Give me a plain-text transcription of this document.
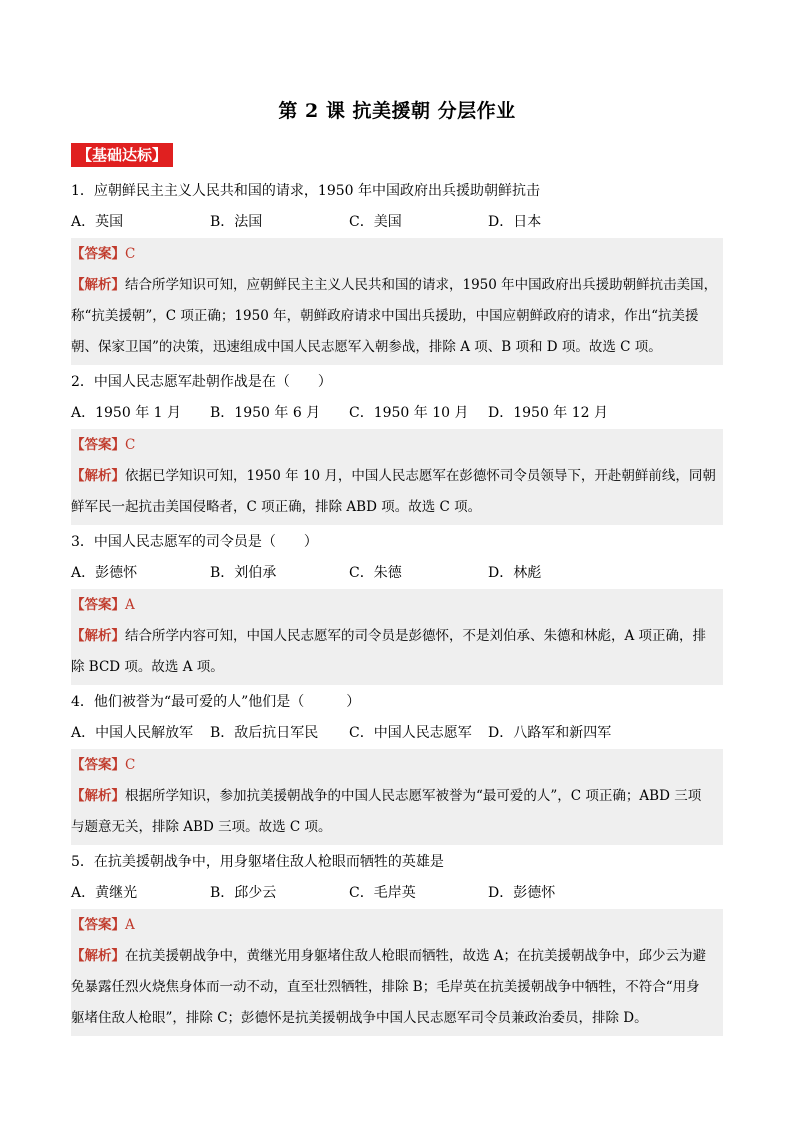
第 2 课 抗美援朝 分层作业
【基础达标】
1．应朝鲜民主主义人民共和国的请求，1950 年中国政府出兵援助朝鲜抗击
A．英国	B．法国	C．美国	D．日本
【答案】C
【解析】结合所学知识可知，应朝鲜民主主义人民共和国的请求，1950 年中国政府出兵援助朝鲜抗击美国，
称“抗美援朝”，C 项正确；1950 年，朝鲜政府请求中国出兵援助，中国应朝鲜政府的请求，作出“抗美援
朝、保家卫国”的决策，迅速组成中国人民志愿军入朝参战，排除 A 项、B 项和 D 项。故选 C 项。
2．中国人民志愿军赴朝作战是在（　　）
A．1950 年 1 月	B．1950 年 6 月	C．1950 年 10 月	D．1950 年 12 月
【答案】C
【解析】依据已学知识可知，1950 年 10 月，中国人民志愿军在彭德怀司令员领导下，开赴朝鲜前线，同朝
鲜军民一起抗击美国侵略者，C 项正确，排除 ABD 项。故选 C 项。
3．中国人民志愿军的司令员是（　　）
A．彭德怀	B．刘伯承	C．朱德	D．林彪
【答案】A
【解析】结合所学内容可知，中国人民志愿军的司令员是彭德怀，不是刘伯承、朱德和林彪，A 项正确，排
除 BCD 项。故选 A 项。
4．他们被誉为“最可爱的人”他们是（　　　）
A．中国人民解放军	B．敌后抗日军民	C．中国人民志愿军	D．八路军和新四军
【答案】C
【解析】根据所学知识，参加抗美援朝战争的中国人民志愿军被誉为“最可爱的人”，C 项正确；ABD 三项
与题意无关，排除 ABD 三项。故选 C 项。
5．在抗美援朝战争中，用身躯堵住敌人枪眼而牺牲的英雄是
A．黄继光	B．邱少云	C．毛岸英	D．彭德怀
【答案】A
【解析】在抗美援朝战争中，黄继光用身躯堵住敌人枪眼而牺牲，故选 A；在抗美援朝战争中，邱少云为避
免暴露任烈火烧焦身体而一动不动，直至壮烈牺牲，排除 B；毛岸英在抗美援朝战争中牺牲，不符合“用身
躯堵住敌人枪眼”，排除 C；彭德怀是抗美援朝战争中国人民志愿军司令员兼政治委员，排除 D。
